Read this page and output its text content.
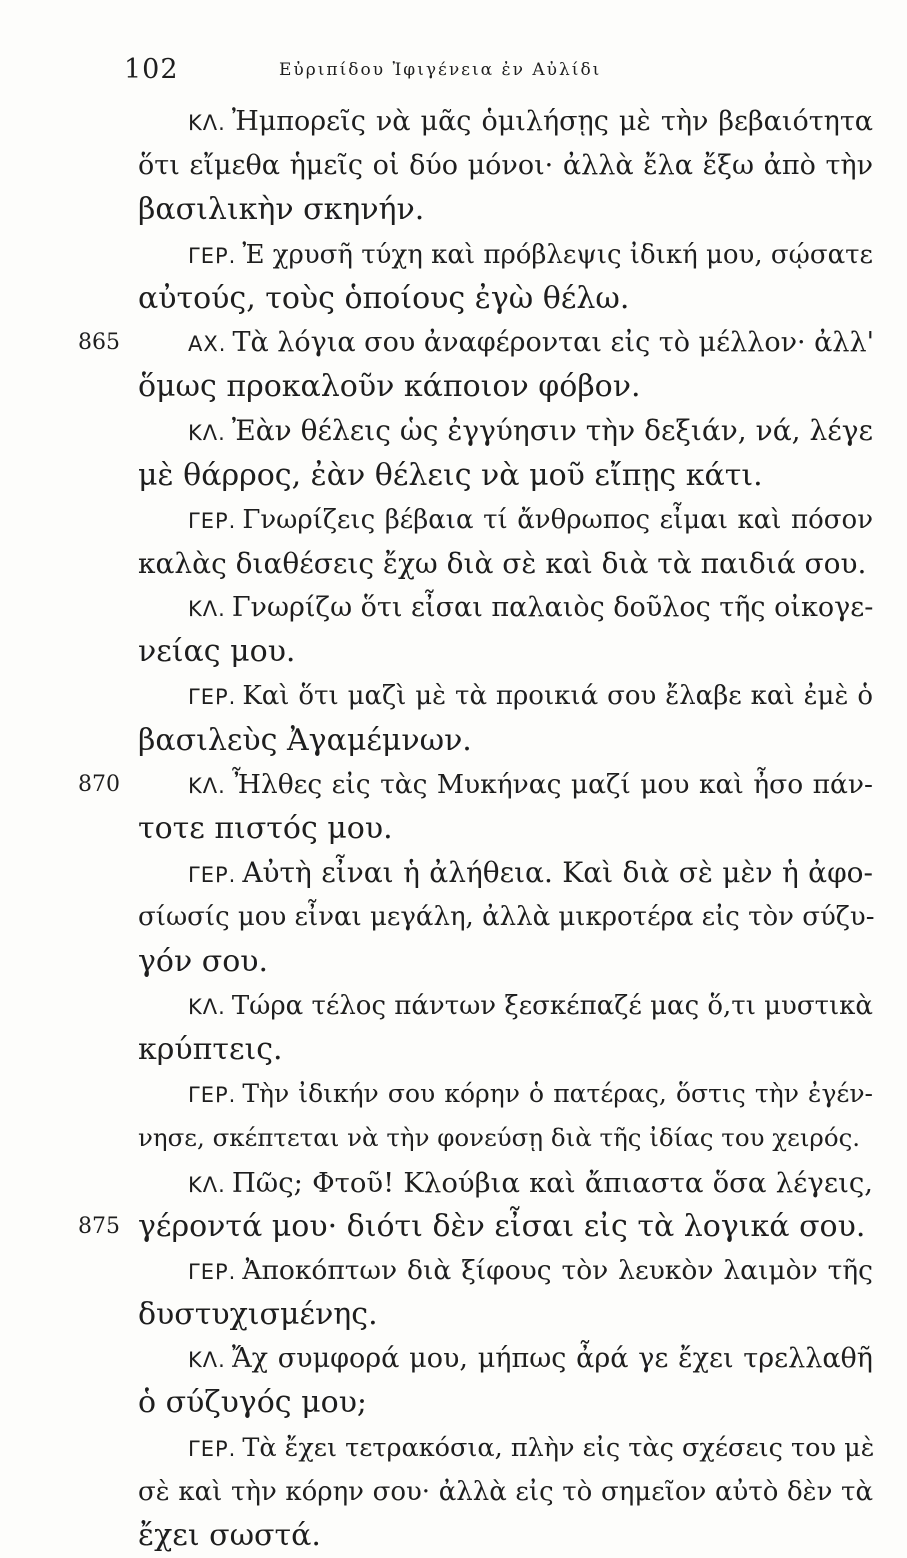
102	Εὐριπίδου Ἰφιγένεια ἐν Αὐλίδι
ΚΛ. Ἠμπορεῖς νὰ μᾶς ὁμιλήσῃς μὲ τὴν βεβαιότητα
ὅτι εἴμεθα ἡμεῖς οἱ δύο μόνοι· ἀλλὰ ἔλα ἔξω ἀπὸ τὴν
βασιλικὴν σκηνήν.
ΓΕΡ. Ἐ χρυσῆ τύχη καὶ πρόβλεψις ἰδική μου, σῴσατε
αὐτούς, τοὺς ὁποίους ἐγὼ θέλω.
865	ΑΧ. Τὰ λόγια σου ἀναφέρονται εἰς τὸ μέλλον· ἀλλ'
ὅμως προκαλοῦν κάποιον φόβον.
ΚΛ. Ἐὰν θέλεις ὡς ἐγγύησιν τὴν δεξιάν, νά, λέγε
μὲ θάρρος, ἐὰν θέλεις νὰ μοῦ εἴπῃς κάτι.
ΓΕΡ. Γνωρίζεις βέβαια τί ἄνθρωπος εἶμαι καὶ πόσον
καλὰς διαθέσεις ἔχω διὰ σὲ καὶ διὰ τὰ παιδιά σου.
ΚΛ. Γνωρίζω ὅτι εἶσαι παλαιὸς δοῦλος τῆς οἰκογε-
νείας μου.
ΓΕΡ. Καὶ ὅτι μαζὶ μὲ τὰ προικιά σου ἔλαβε καὶ ἐμὲ ὁ
βασιλεὺς Ἀγαμέμνων.
870	ΚΛ. Ἦλθες εἰς τὰς Μυκήνας μαζί μου καὶ ἦσο πάν-
τοτε πιστός μου.
ΓΕΡ. Αὐτὴ εἶναι ἡ ἀλήθεια. Καὶ διὰ σὲ μὲν ἡ ἀφο-
σίωσίς μου εἶναι μεγάλη, ἀλλὰ μικροτέρα εἰς τὸν σύζυ-
γόν σου.
ΚΛ. Τώρα τέλος πάντων ξεσκέπαζέ μας ὅ,τι μυστικὰ
κρύπτεις.
ΓΕΡ. Τὴν ἰδικήν σου κόρην ὁ πατέρας, ὅστις τὴν ἐγέν-
νησε, σκέπτεται νὰ τὴν φονεύσῃ διὰ τῆς ἰδίας του χειρός.
ΚΛ. Πῶς; Φτοῦ! Κλούβια καὶ ἄπιαστα ὅσα λέγεις,
875 γέροντά μου· διότι δὲν εἶσαι εἰς τὰ λογικά σου.
ΓΕΡ. Ἀποκόπτων διὰ ξίφους τὸν λευκὸν λαιμὸν τῆς
δυστυχισμένης.
ΚΛ. Ἄχ συμφορά μου, μήπως ἆρά γε ἔχει τρελλαθῆ
ὁ σύζυγός μου;
ΓΕΡ. Τὰ ἔχει τετρακόσια, πλὴν εἰς τὰς σχέσεις του μὲ
σὲ καὶ τὴν κόρην σου· ἀλλὰ εἰς τὸ σημεῖον αὐτὸ δὲν τὰ
ἔχει σωστά.
